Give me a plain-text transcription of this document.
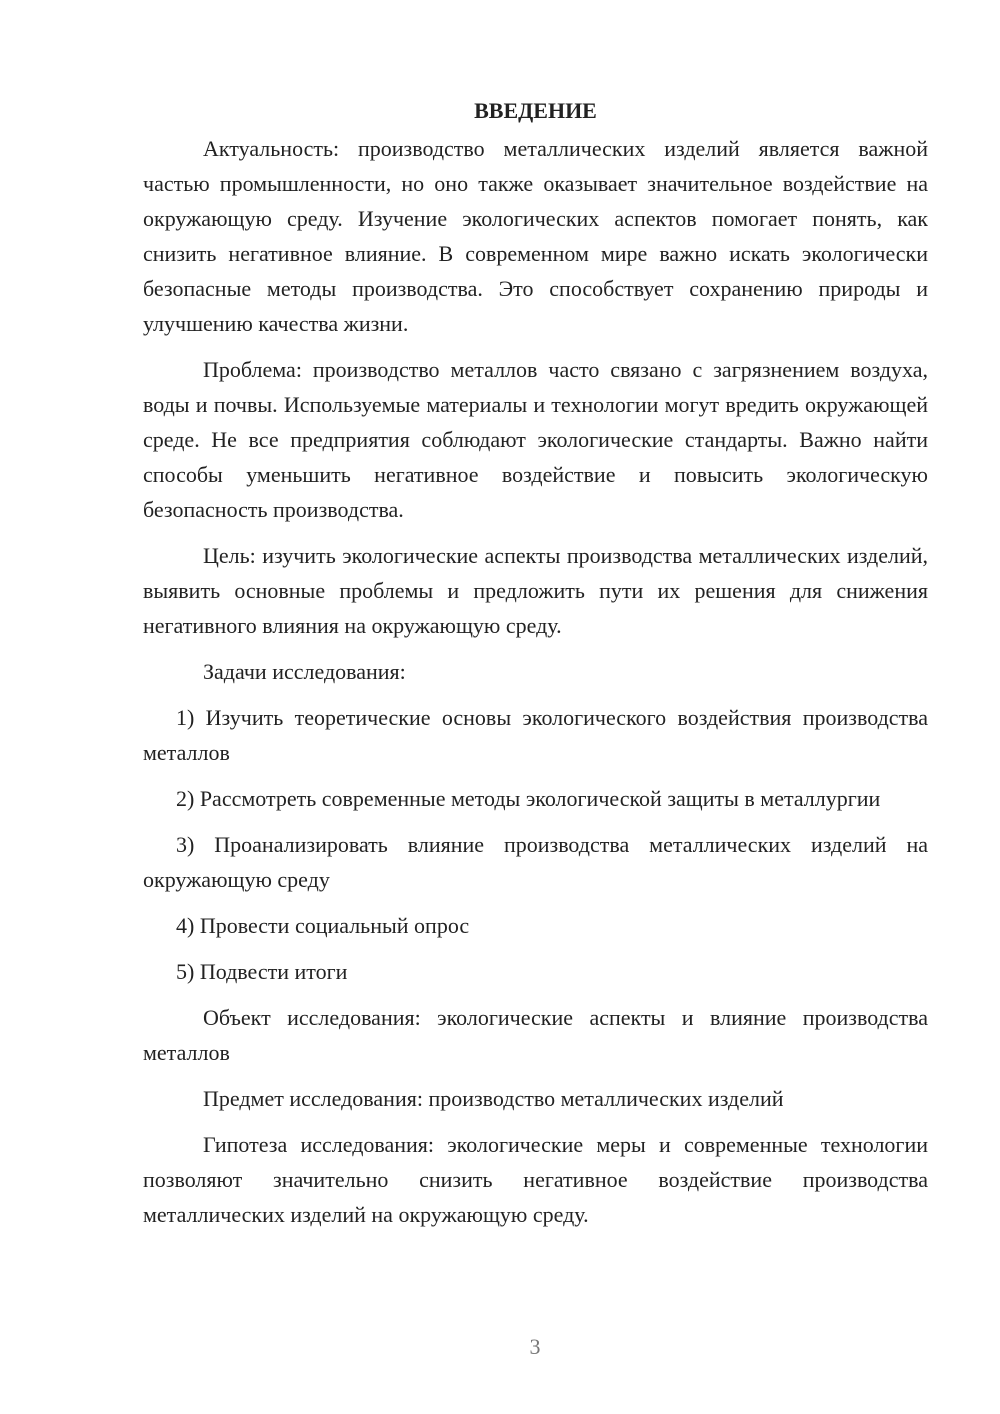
ВВЕДЕНИЕ

Актуальность: производство металлических изделий является важной частью промышленности, но оно также оказывает значительное воздействие на окружающую среду. Изучение экологических аспектов помогает понять, как снизить негативное влияние. В современном мире важно искать экологически безопасные методы производства. Это способствует сохранению природы и улучшению качества жизни.

Проблема: производство металлов часто связано с загрязнением воздуха, воды и почвы. Используемые материалы и технологии могут вредить окружающей среде. Не все предприятия соблюдают экологические стандарты. Важно найти способы уменьшить негативное воздействие и повысить экологическую безопасность производства.

Цель: изучить экологические аспекты производства металлических изделий, выявить основные проблемы и предложить пути их решения для снижения негативного влияния на окружающую среду.

Задачи исследования:

1) Изучить теоретические основы экологического воздействия производства металлов

2) Рассмотреть современные методы экологической защиты в металлургии

3) Проанализировать влияние производства металлических изделий на окружающую среду

4) Провести социальный опрос

5) Подвести итоги

Объект исследования: экологические аспекты и влияние производства металлов

Предмет исследования: производство металлических изделий

Гипотеза исследования: экологические меры и современные технологии позволяют значительно снизить негативное воздействие производства металлических изделий на окружающую среду.

3
